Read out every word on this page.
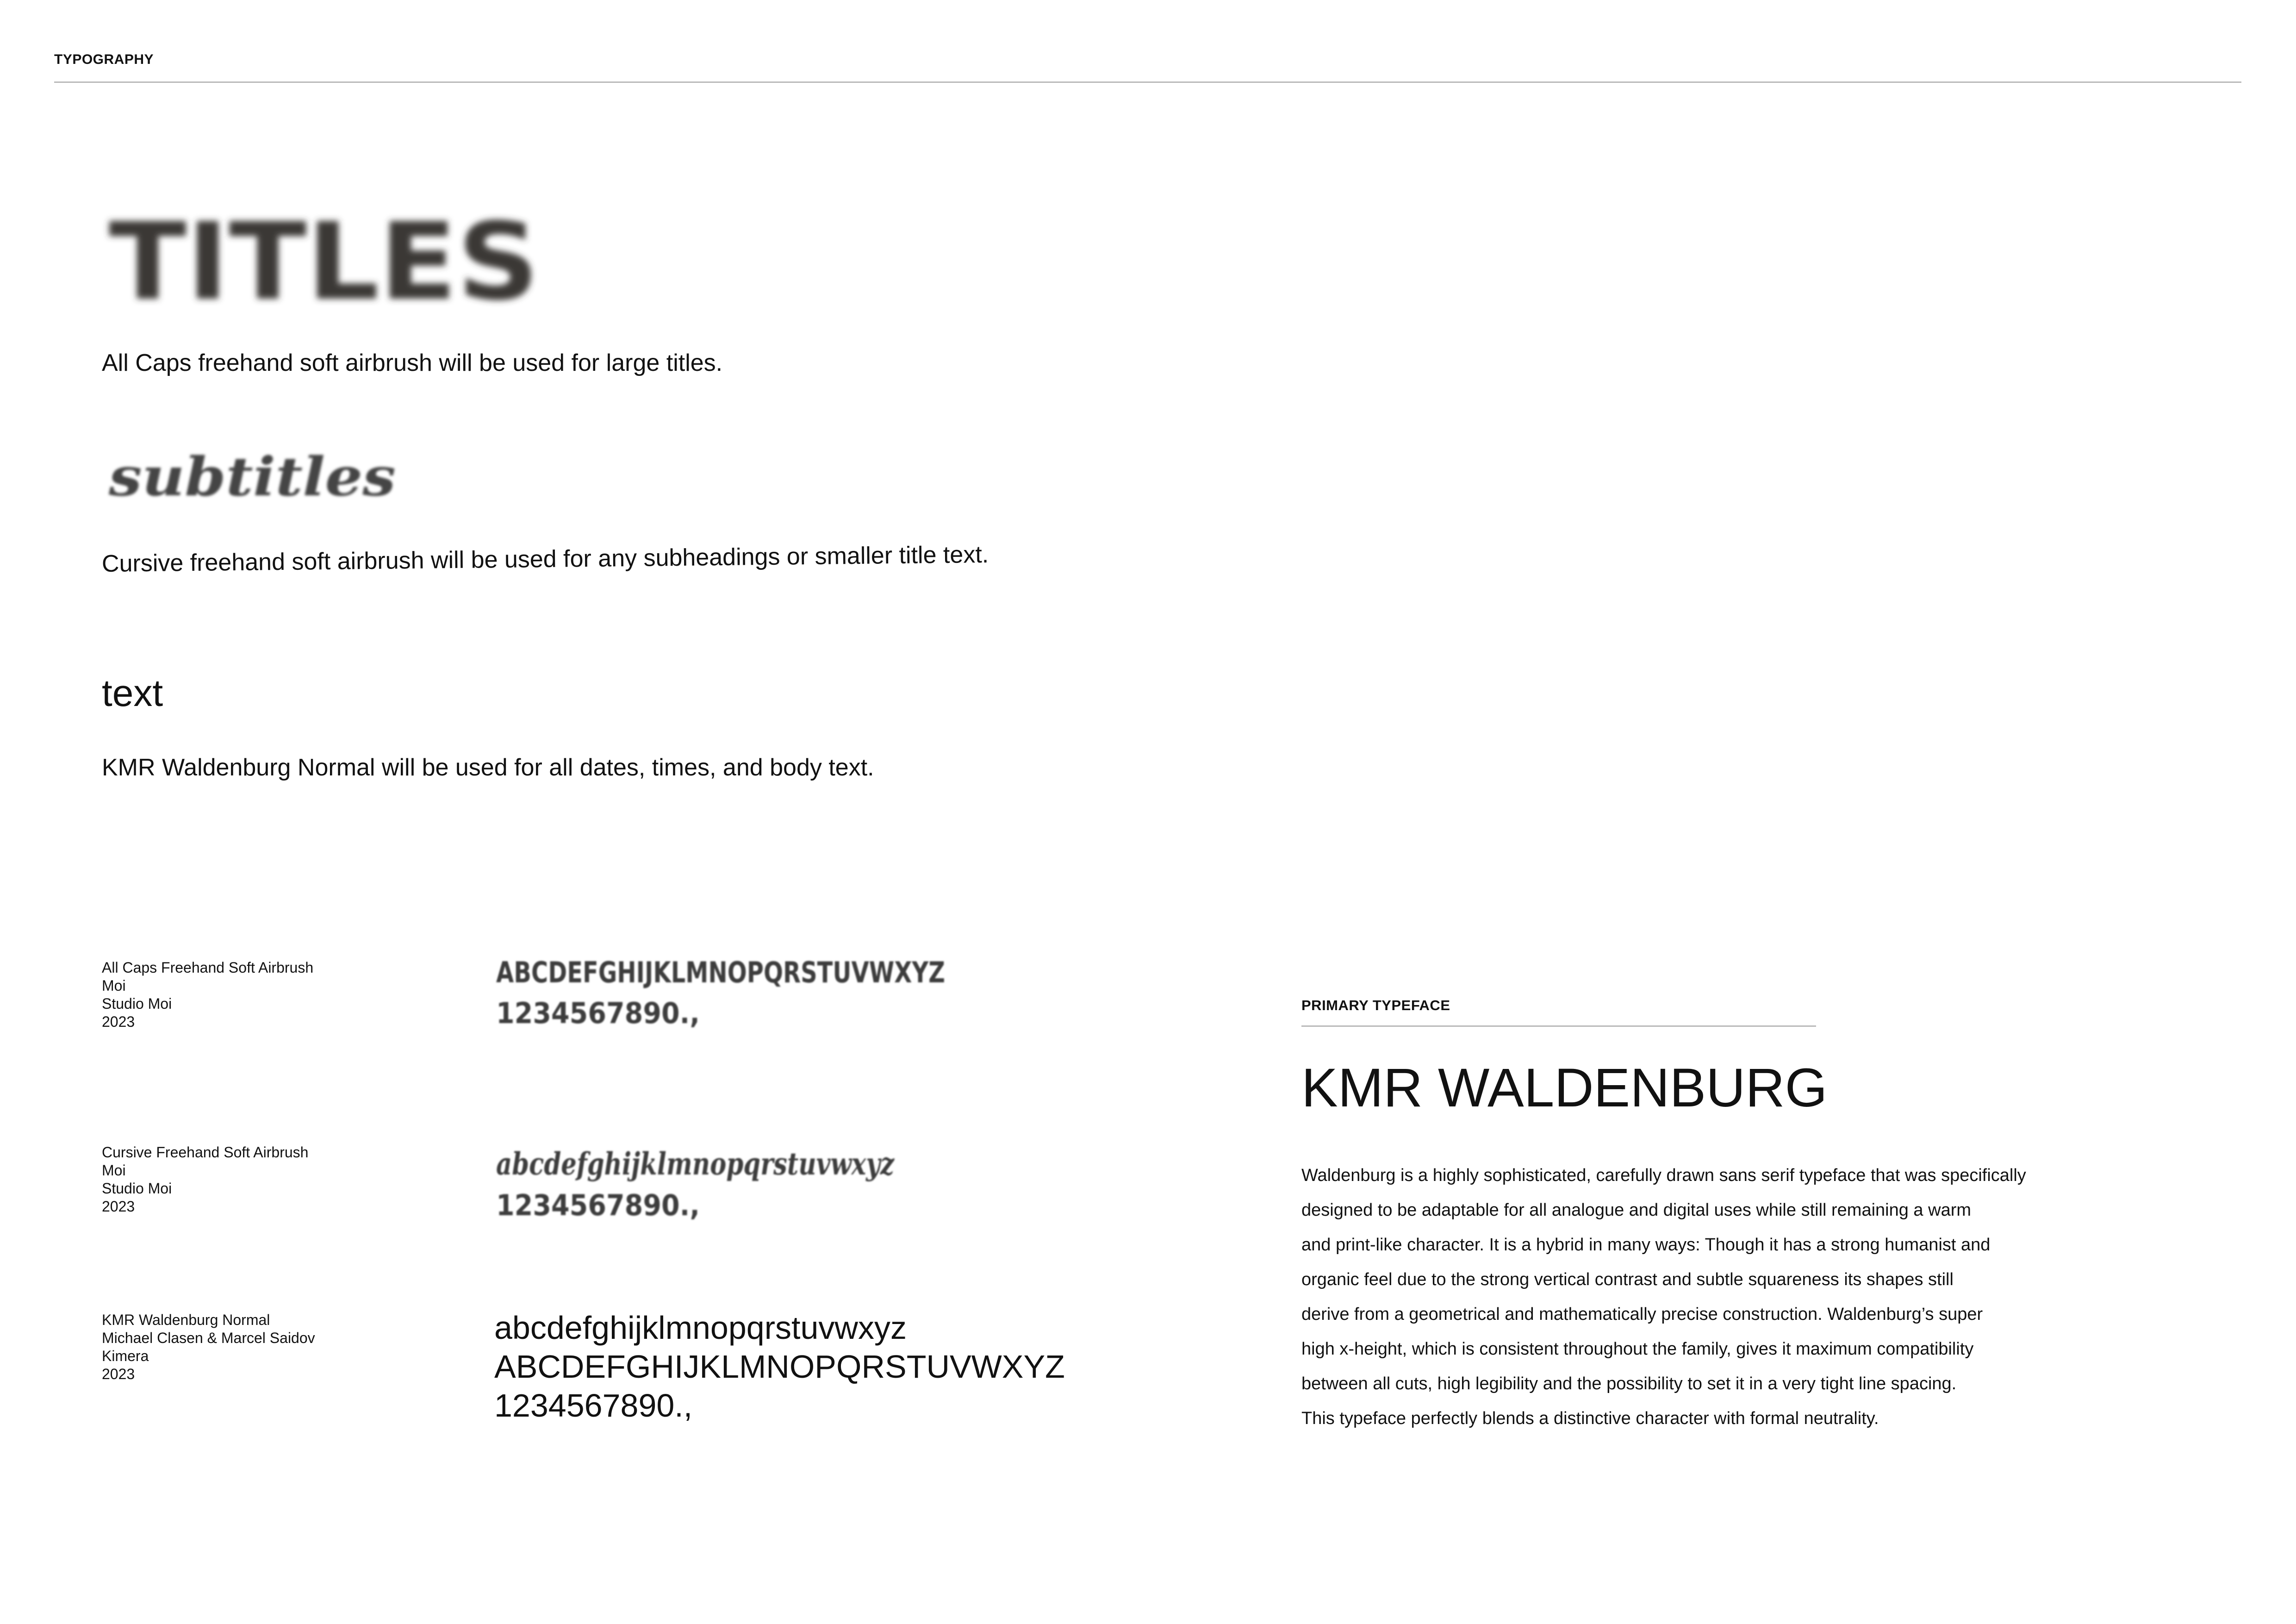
TYPOGRAPHY
TITLES
All Caps freehand soft airbrush will be used for large titles.
subtitles
Cursive freehand soft airbrush will be used for any subheadings or smaller title text.
text
KMR Waldenburg Normal will be used for all dates, times, and body text.
All Caps Freehand Soft Airbrush
Moi
Studio Moi
2023
Cursive Freehand Soft Airbrush
Moi
Studio Moi
2023
KMR Waldenburg Normal
Michael Clasen & Marcel Saidov
Kimera
2023
ABCDEFGHIJKLMNOPQRSTUVWXYZ
1234567890.,
abcdefghijklmnopqrstuvwxyz
1234567890.,
abcdefghijklmnopqrstuvwxyz
ABCDEFGHIJKLMNOPQRSTUVWXYZ
1234567890.,
PRIMARY TYPEFACE
KMR WALDENBURG
Waldenburg is a highly sophisticated, carefully drawn sans serif typeface that was specifically
designed to be adaptable for all analogue and digital uses while still remaining a warm
and print-like character. It is a hybrid in many ways: Though it has a strong humanist and
organic feel due to the strong vertical contrast and subtle squareness its shapes still
derive from a geometrical and mathematically precise construction. Waldenburg’s super
high x-height, which is consistent throughout the family, gives it maximum compatibility
between all cuts, high legibility and the possibility to set it in a very tight line spacing.
This typeface perfectly blends a distinctive character with formal neutrality.
